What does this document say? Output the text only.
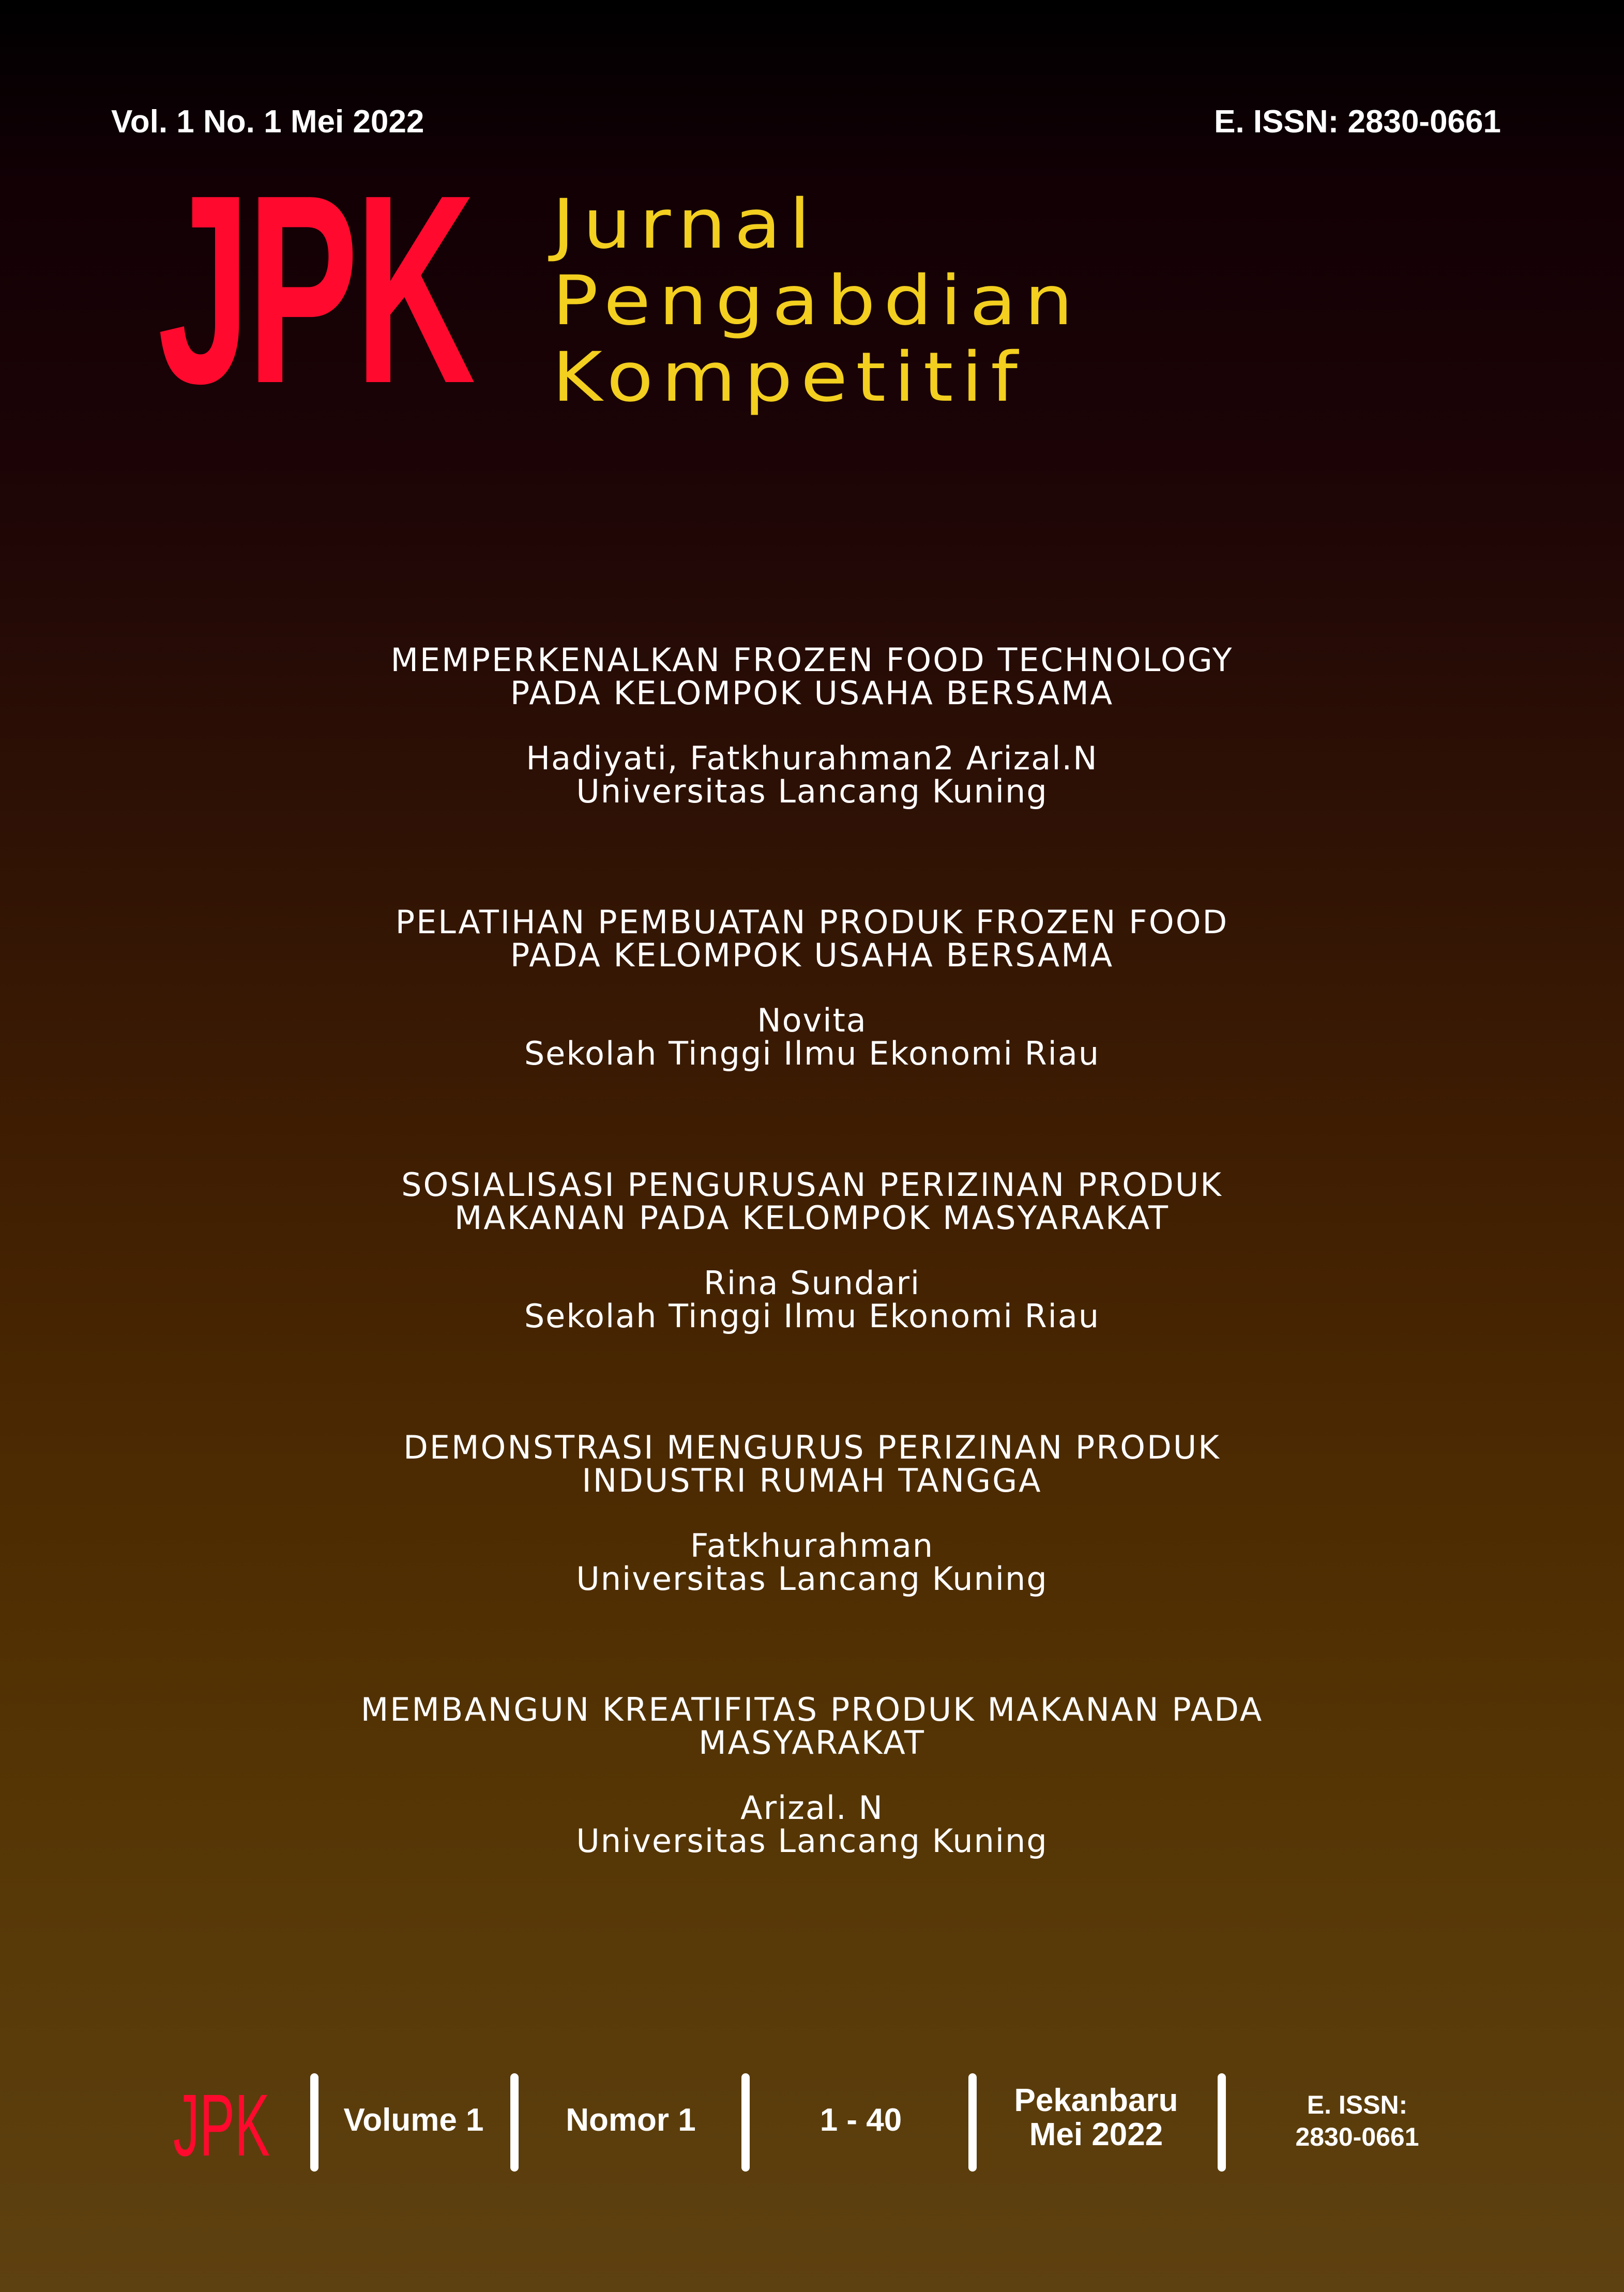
Vol. 1 No. 1 Mei 2022	E. ISSN: 2830-0661
JPK Jurnal
Pengabdian
Kompetitif
MEMPERKENALKAN FROZEN FOOD TECHNOLOGY
PADA KELOMPOK USAHA BERSAMA
Hadiyati, Fatkhurahman2 Arizal.N
Universitas Lancang Kuning
PELATIHAN PEMBUATAN PRODUK FROZEN FOOD
PADA KELOMPOK USAHA BERSAMA
Novita
Sekolah Tinggi Ilmu Ekonomi Riau
SOSIALISASI PENGURUSAN PERIZINAN PRODUK
MAKANAN PADA KELOMPOK MASYARAKAT
Rina Sundari
Sekolah Tinggi Ilmu Ekonomi Riau
DEMONSTRASI MENGURUS PERIZINAN PRODUK
INDUSTRI RUMAH TANGGA
Fatkhurahman
Universitas Lancang Kuning
MEMBANGUN KREATIFITAS PRODUK MAKANAN PADA
MASYARAKAT
Arizal. N
Universitas Lancang Kuning
JPK Volume 1	Nomor 1	1 - 40
Pekanbaru
Mei 2022
E. ISSN:
2830-0661
